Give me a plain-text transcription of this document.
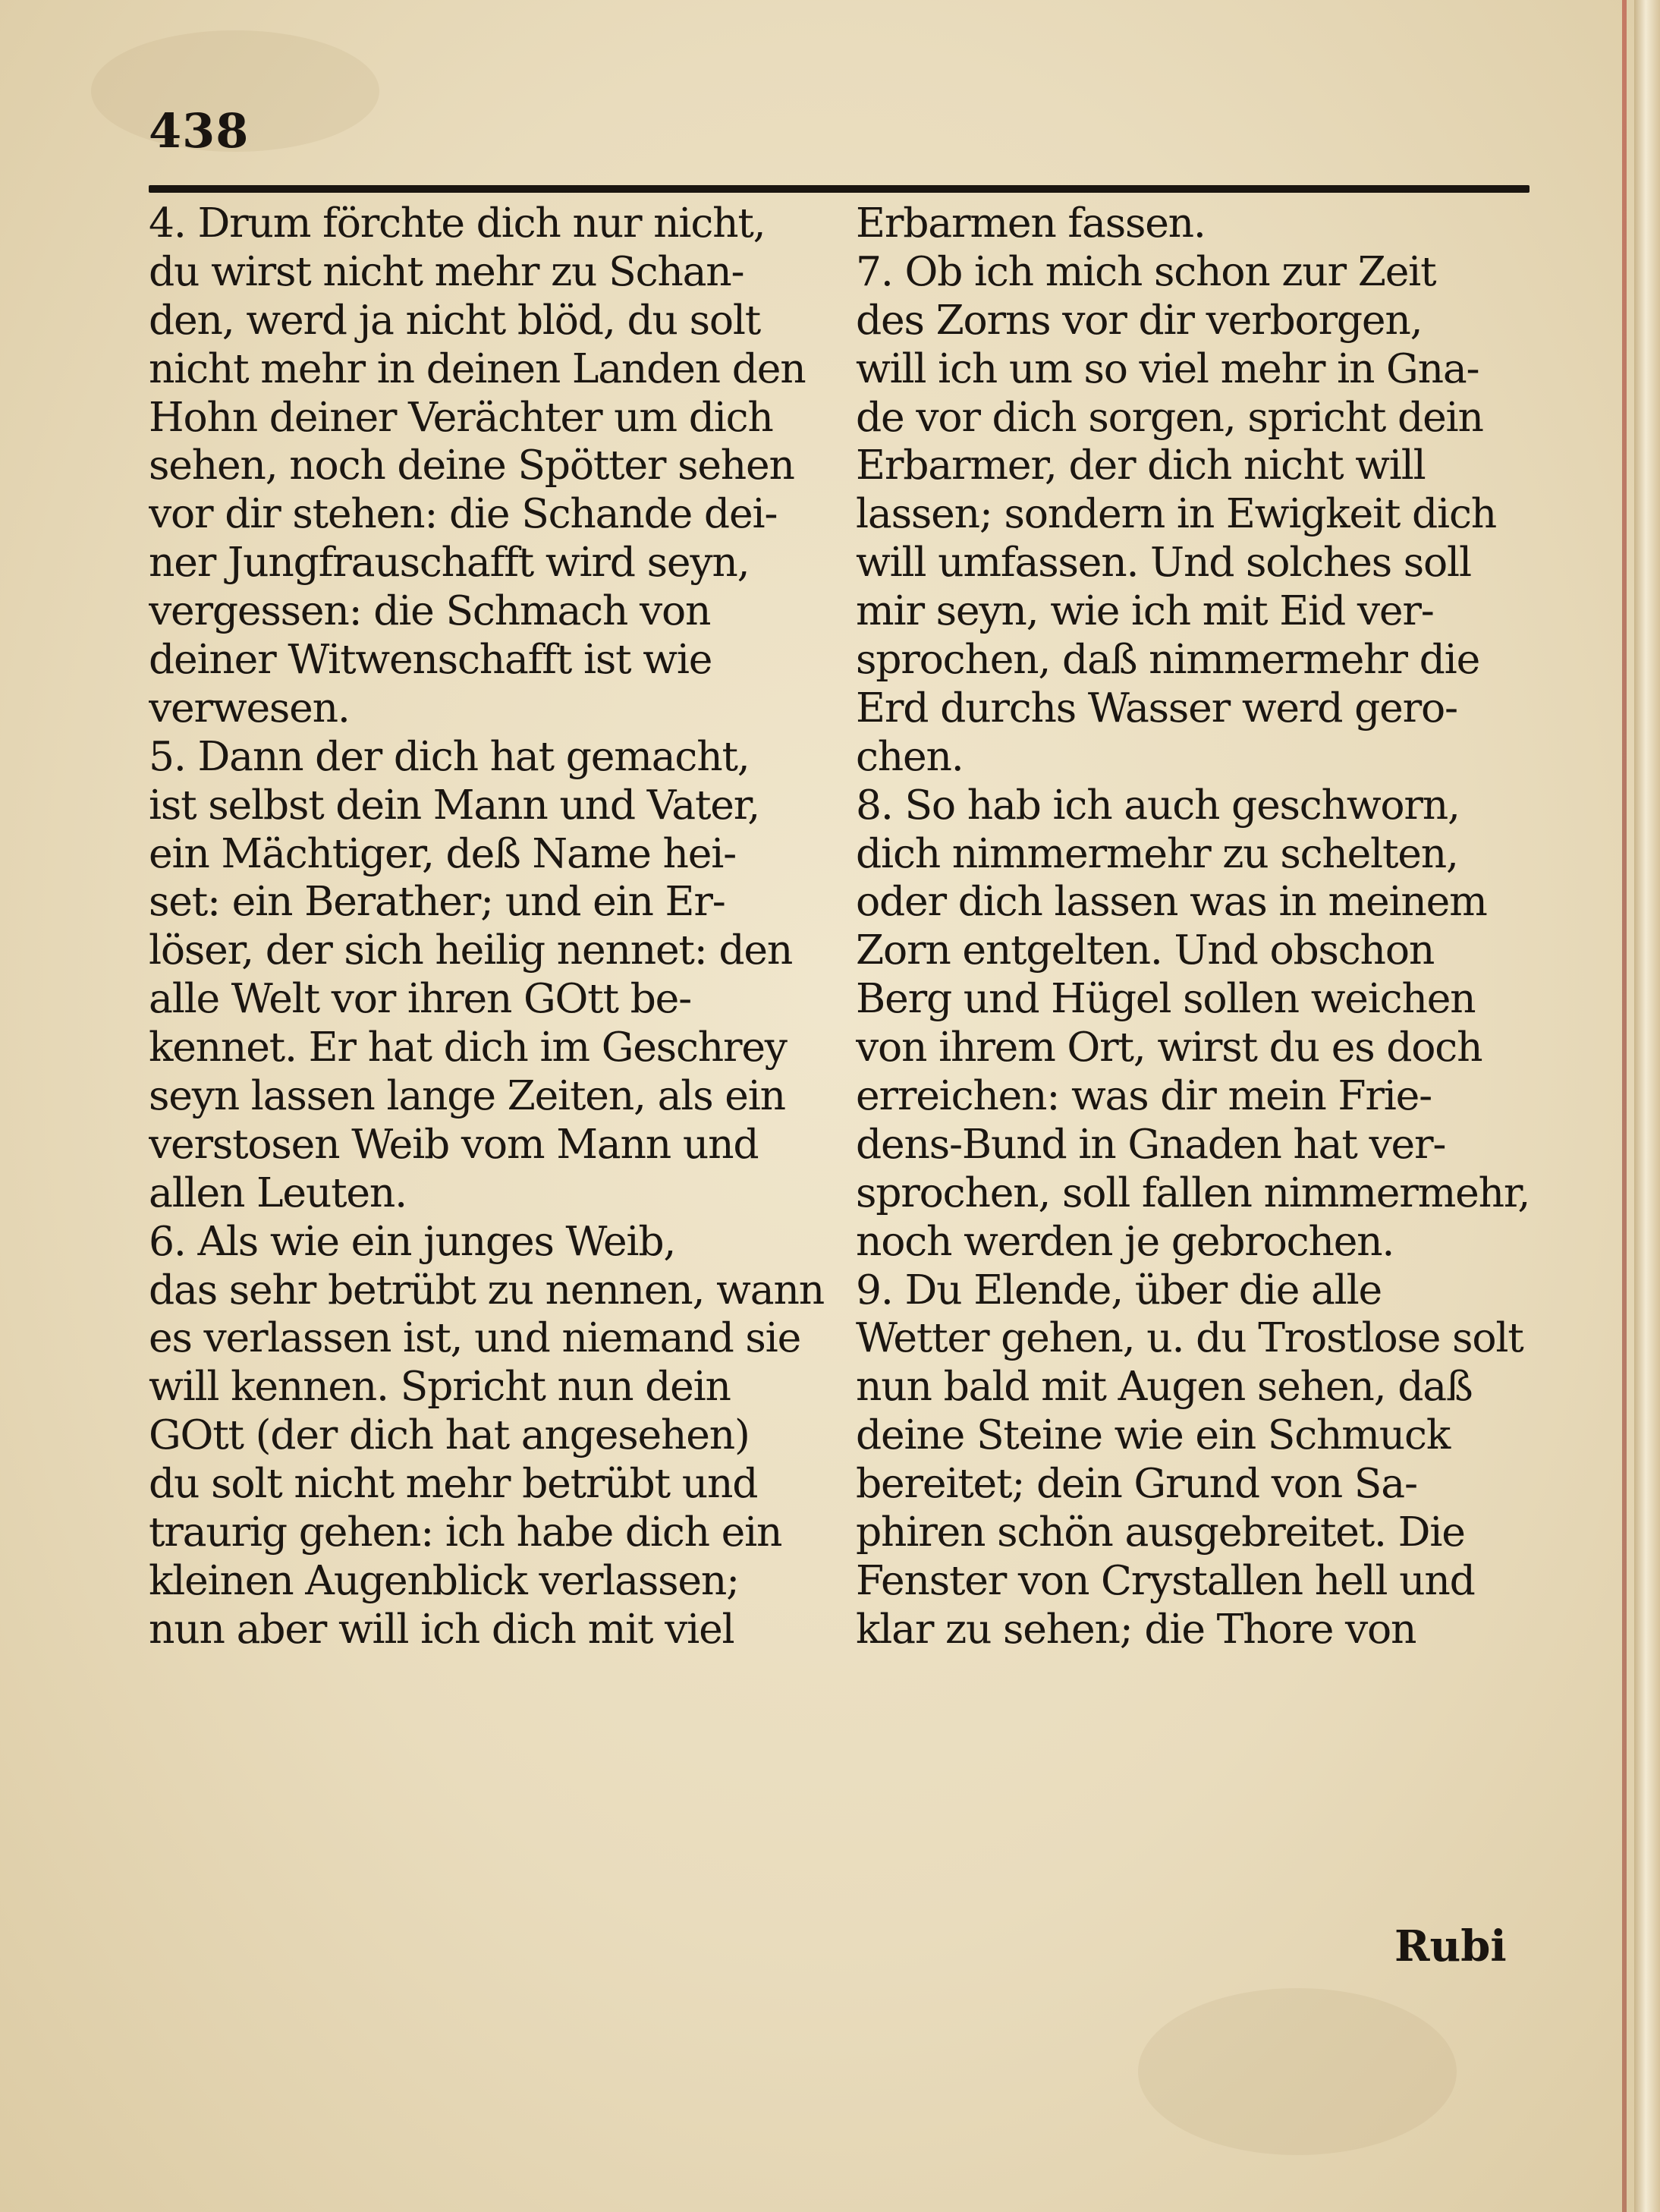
438
4. Drum förchte dich nur nicht,
du wirst nicht mehr zu Schan-
den, werd ja nicht blöd, du solt
nicht mehr in deinen Landen den
Hohn deiner Verächter um dich
sehen, noch deine Spötter sehen
vor dir stehen: die Schande dei-
ner Jungfrauschafft wird seyn,
vergessen: die Schmach von
deiner Witwenschafft ist wie
verwesen.
5. Dann der dich hat gemacht,
ist selbst dein Mann und Vater,
ein Mächtiger, deß Name hei-
set: ein Berather; und ein Er-
löser, der sich heilig nennet: den
alle Welt vor ihren GOtt be-
kennet. Er hat dich im Geschrey
seyn lassen lange Zeiten, als ein
verstosen Weib vom Mann und
allen Leuten.
6. Als wie ein junges Weib,
das sehr betrübt zu nennen, wann
es verlassen ist, und niemand sie
will kennen. Spricht nun dein
GOtt (der dich hat angesehen)
du solt nicht mehr betrübt und
traurig gehen: ich habe dich ein
kleinen Augenblick verlassen;
nun aber will ich dich mit viel
Erbarmen fassen.
7. Ob ich mich schon zur Zeit
des Zorns vor dir verborgen,
will ich um so viel mehr in Gna-
de vor dich sorgen, spricht dein
Erbarmer, der dich nicht will
lassen; sondern in Ewigkeit dich
will umfassen. Und solches soll
mir seyn, wie ich mit Eid ver-
sprochen, daß nimmermehr die
Erd durchs Wasser werd gero-
chen.
8. So hab ich auch geschworn,
dich nimmermehr zu schelten,
oder dich lassen was in meinem
Zorn entgelten. Und obschon
Berg und Hügel sollen weichen
von ihrem Ort, wirst du es doch
erreichen: was dir mein Frie-
dens-Bund in Gnaden hat ver-
sprochen, soll fallen nimmermehr,
noch werden je gebrochen.
9. Du Elende, über die alle
Wetter gehen, u. du Trostlose solt
nun bald mit Augen sehen, daß
deine Steine wie ein Schmuck
bereitet; dein Grund von Sa-
phiren schön ausgebreitet. Die
Fenster von Crystallen hell und
klar zu sehen; die Thore von
Rubi
